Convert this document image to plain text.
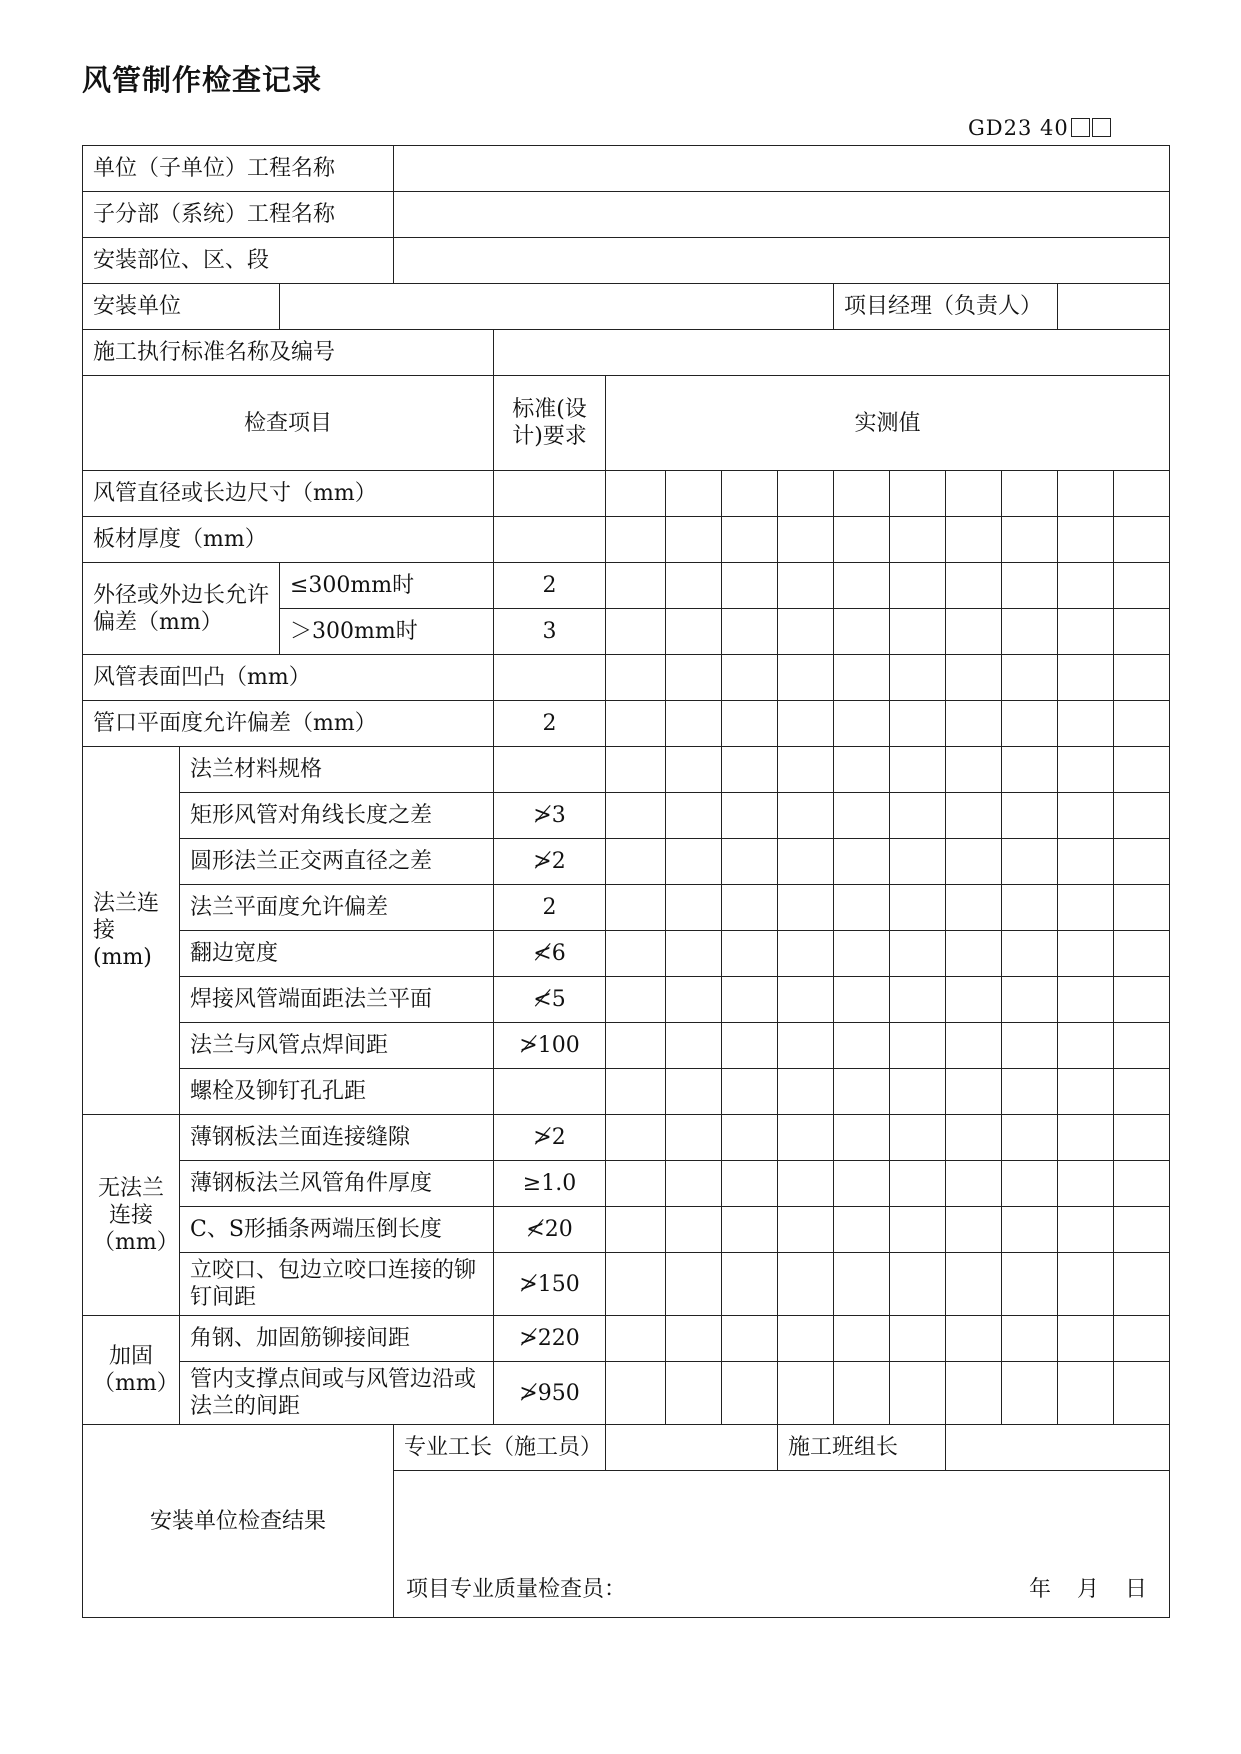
风管制作检查记录
GD23 40
单位（子单位）工程名称														
子分部（系统）工程名称														
安装部位、区、段														
安装单位									项目经理（负责人）					
施工执行标准名称及编号														
检查项目				标准(设计)要求	实测值									
风管直径或长边尺寸（mm）														
板材厚度（mm）														
外径或外边长允许偏差（mm）		≤300mm时		2										
		＞300mm时		3										
风管表面凹凸（mm）														
管口平面度允许偏差（mm）				2										
法兰连接(mm)	法兰材料规格													
	矩形风管对角线长度之差			≯3										
	圆形法兰正交两直径之差			≯2										
	法兰平面度允许偏差			2										
	翻边宽度			≮6										
	焊接风管端面距法兰平面			≮5										
	法兰与风管点焊间距			≯100										
	螺栓及铆钉孔孔距													
无法兰连接（mm）	薄钢板法兰面连接缝隙			≯2										
	薄钢板法兰风管角件厚度			≥1.0										
	C、S形插条两端压倒长度			≮20										
	立咬口、包边立咬口连接的铆钉间距			≯150										
加固（mm）	角钢、加固筋铆接间距			≯220										
	管内支撑点间或与风管边沿或法兰的间距			≯950										
安装单位检查结果			专业工长（施工员）					施工班组长						

			项目专业质量检查员： 年 月 日											
